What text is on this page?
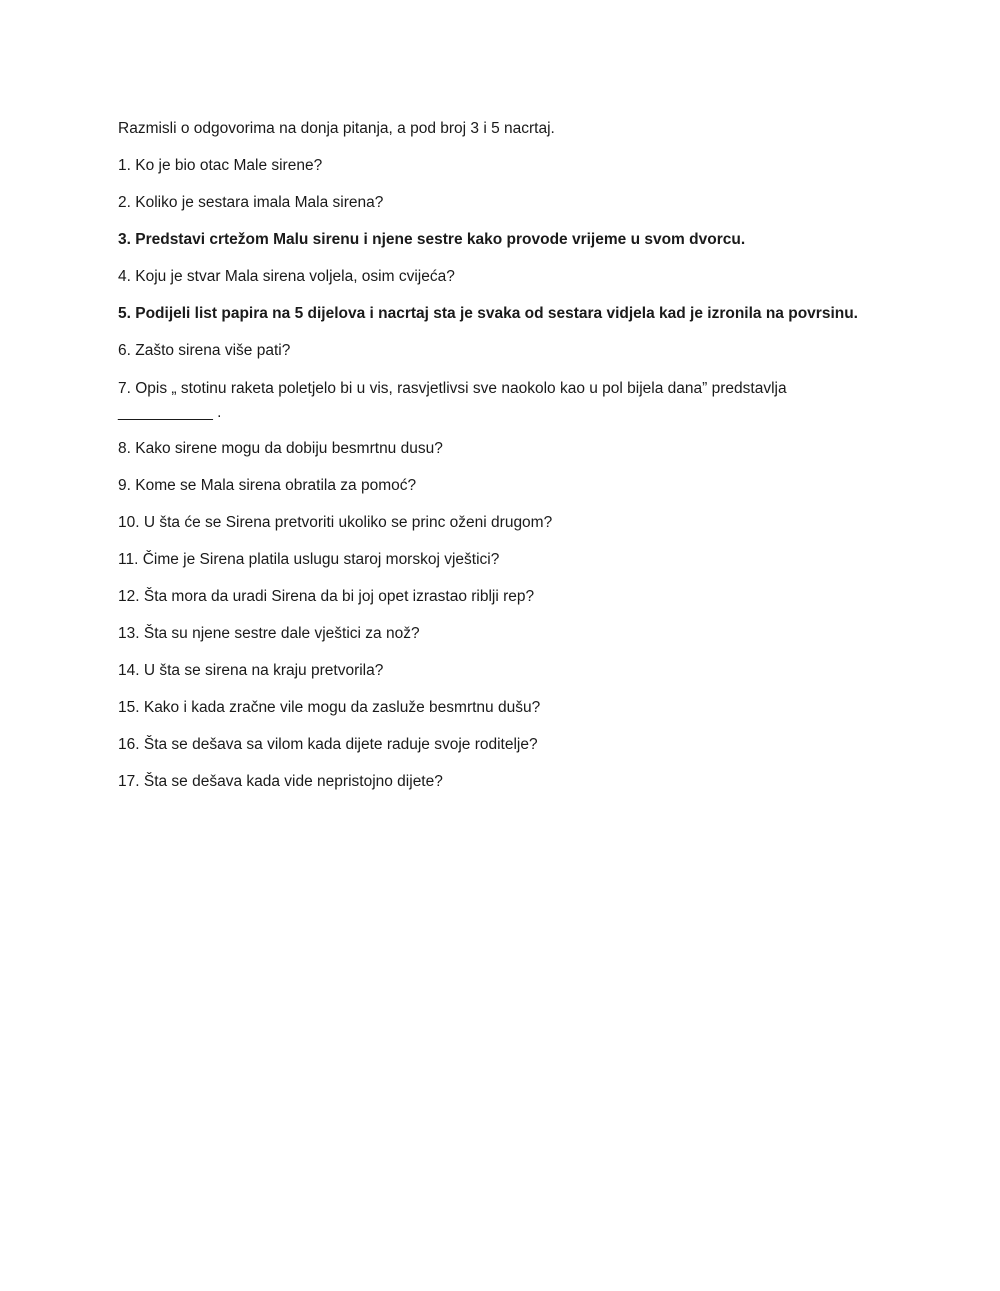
Razmisli o odgovorima na donja pitanja, a pod broj 3 i 5 nacrtaj.

1. Ko je bio otac Male sirene?

2. Koliko je sestara imala Mala sirena?

3. Predstavi crtežom Malu sirenu i njene sestre kako provode vrijeme u svom dvorcu.

4. Koju je stvar Mala sirena voljela, osim cvijeća?

5. Podijeli list papira na 5 dijelova i nacrtaj sta je svaka od sestara vidjela kad je izronila na povrsinu.

6. Zašto sirena više pati?

7. Opis „ stotinu raketa poletjelo bi u vis, rasvjetlivsi sve naokolo kao u pol bijela dana” predstavlja
___________ .

8. Kako sirene mogu da dobiju besmrtnu dusu?

9. Kome se Mala sirena obratila za pomoć?

10. U šta će se Sirena pretvoriti ukoliko se princ oženi drugom?

11. Čime je Sirena platila uslugu staroj morskoj vještici?

12. Šta mora da uradi Sirena da bi joj opet izrastao riblji rep?

13. Šta su njene sestre dale vještici za nož?

14. U šta se sirena na kraju pretvorila?

15. Kako i kada zračne vile mogu da zasluže besmrtnu dušu?

16. Šta se dešava sa vilom kada dijete raduje svoje roditelje?

17. Šta se dešava kada vide nepristojno dijete?
